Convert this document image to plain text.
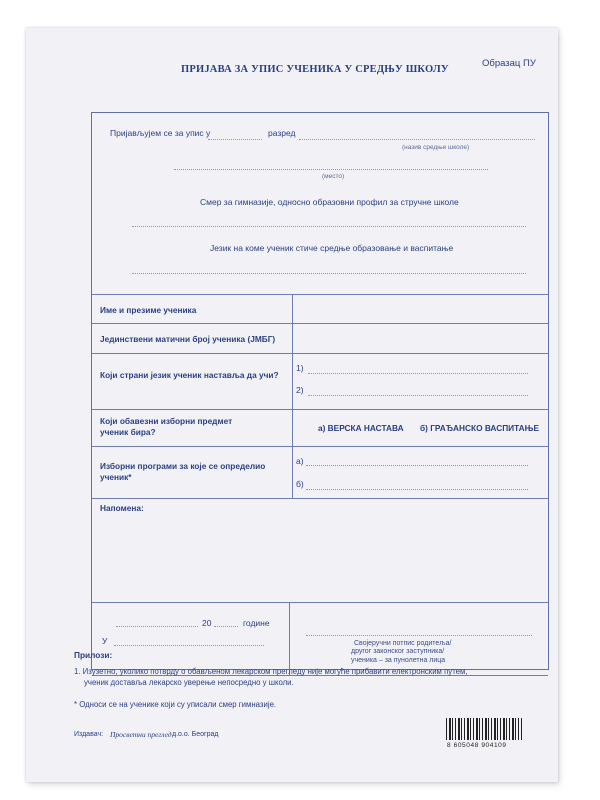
ПРИЈАВА ЗА УПИС УЧЕНИКА У СРЕДЊУ ШКОЛУ
Образац ПУ
Пријављујем се за упис у	разред
(назив средње школе)
(место)
Смер за гимназије, односно образовни профил за стручне школе
Језик на коме ученик стиче средње образовање и васпитање
Име и презиме ученика
Јединствени матични број ученика (ЈМБГ)
Који страни језик ученик наставља да учи?
1)
2)
Који обавезни изборни предмет ученик бира?	а) ВЕРСКА НАСТАВА б) ГРАЂАНСКО ВАСПИТАЊЕ
Изборни програми за које се определио ученик*
а)
б)
Напомена:
20	године
У	Својеручни потпис родитеља/
другог законског заступника/
ученика – за пунолетна лица
Прилози:
1. Изузетно, уколико потврду о обављеном лекарском прегледу није могуће прибавити електронским путем,
ученик доставља лекарско уверење непосредно у школи.
* Односи се на ученике који су уписали смер гимназије.
Издавач: Просветни преглед д.о.о. Београд
8 605048 904109
